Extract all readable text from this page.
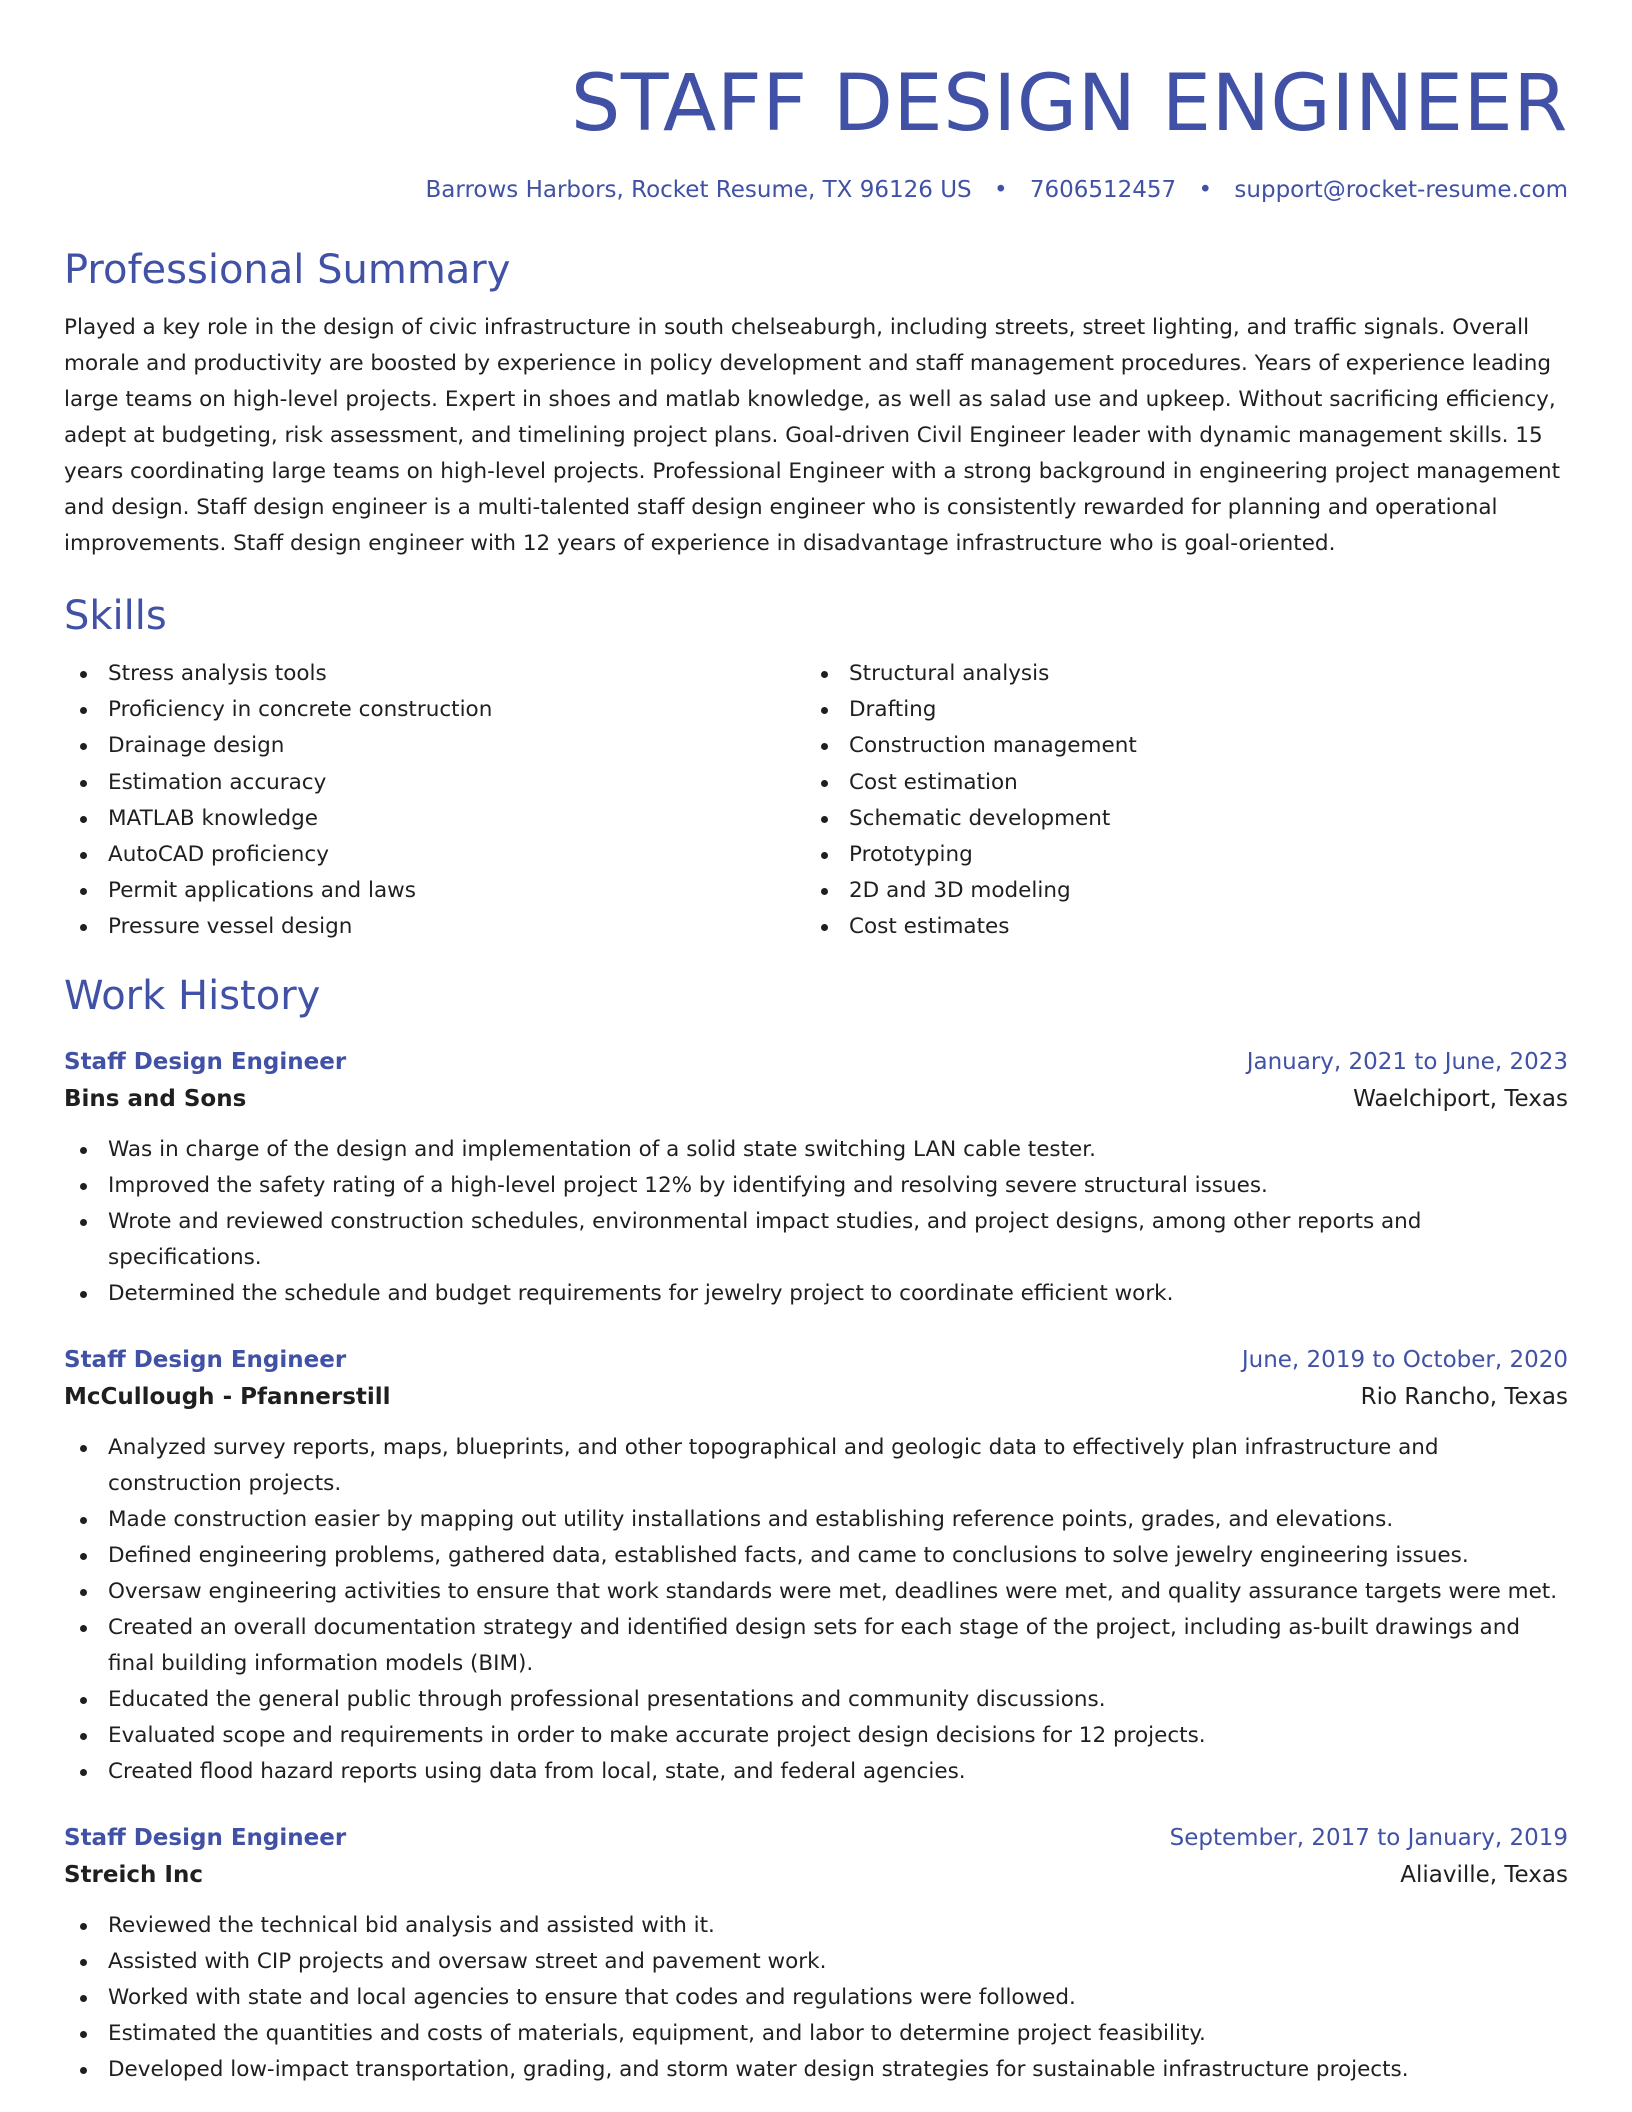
STAFF DESIGN ENGINEER
Barrows Harbors, Rocket Resume, TX 96126 US • 7606512457 • support@rocket-resume.com
Professional Summary

Played a key role in the design of civic infrastructure in south chelseaburgh, including streets, street lighting, and traffic signals. Overall morale and productivity are boosted by experience in policy development and staff management procedures. Years of experience leading large teams on high-level projects. Expert in shoes and matlab knowledge, as well as salad use and upkeep. Without sacrificing efficiency, adept at budgeting, risk assessment, and timelining project plans. Goal-driven Civil Engineer leader with dynamic management skills. 15 years coordinating large teams on high-level projects. Professional Engineer with a strong background in engineering project management and design. Staff design engineer is a multi-talented staff design engineer who is consistently rewarded for planning and operational improvements. Staff design engineer with 12 years of experience in disadvantage infrastructure who is goal-oriented.

Skills
Stress analysis tools
Proficiency in concrete construction
Drainage design
Estimation accuracy
MATLAB knowledge
AutoCAD proficiency
Permit applications and laws
Pressure vessel design
Structural analysis
Drafting
Construction management
Cost estimation
Schematic development
Prototyping
2D and 3D modeling
Cost estimates
Work History
Staff Design Engineer	January, 2021 to June, 2023
Bins and Sons	Waelchiport, Texas
Was in charge of the design and implementation of a solid state switching LAN cable tester.
Improved the safety rating of a high-level project 12% by identifying and resolving severe structural issues.
Wrote and reviewed construction schedules, environmental impact studies, and project designs, among other reports and specifications.
Determined the schedule and budget requirements for jewelry project to coordinate efficient work.
Staff Design Engineer	June, 2019 to October, 2020
McCullough - Pfannerstill	Rio Rancho, Texas
Analyzed survey reports, maps, blueprints, and other topographical and geologic data to effectively plan infrastructure and construction projects.
Made construction easier by mapping out utility installations and establishing reference points, grades, and elevations.
Defined engineering problems, gathered data, established facts, and came to conclusions to solve jewelry engineering issues.
Oversaw engineering activities to ensure that work standards were met, deadlines were met, and quality assurance targets were met.
Created an overall documentation strategy and identified design sets for each stage of the project, including as-built drawings and final building information models (BIM).
Educated the general public through professional presentations and community discussions.
Evaluated scope and requirements in order to make accurate project design decisions for 12 projects.
Created flood hazard reports using data from local, state, and federal agencies.
Staff Design Engineer	September, 2017 to January, 2019
Streich Inc	Aliaville, Texas
Reviewed the technical bid analysis and assisted with it.
Assisted with CIP projects and oversaw street and pavement work.
Worked with state and local agencies to ensure that codes and regulations were followed.
Estimated the quantities and costs of materials, equipment, and labor to determine project feasibility.
Developed low-impact transportation, grading, and storm water design strategies for sustainable infrastructure projects.
